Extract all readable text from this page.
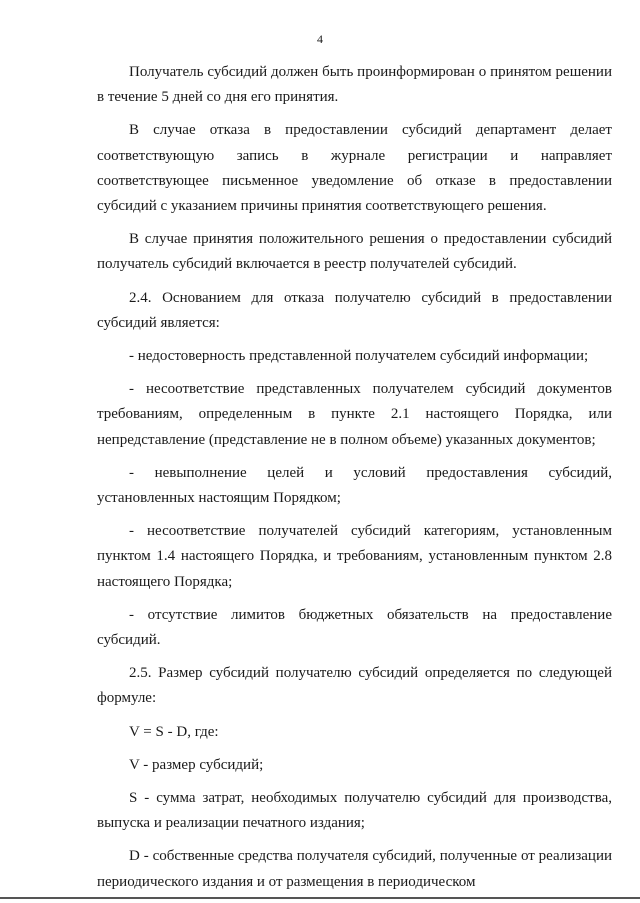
4

Получатель субсидий должен быть проинформирован о принятом решении в течение 5 дней со дня его принятия.

В случае отказа в предоставлении субсидий департамент делает соответствующую запись в журнале регистрации и направляет соответствующее письменное уведомление об отказе в предоставлении субсидий с указанием причины принятия соответствующего решения.

В случае принятия положительного решения о предоставлении субсидий получатель субсидий включается в реестр получателей субсидий.

2.4. Основанием для отказа получателю субсидий в предоставлении субсидий является:

- недостоверность представленной получателем субсидий информации;

- несоответствие представленных получателем субсидий документов требованиям, определенным в пункте 2.1 настоящего Порядка, или непредставление (представление не в полном объеме) указанных документов;

- невыполнение целей и условий предоставления субсидий, установленных настоящим Порядком;

- несоответствие получателей субсидий категориям, установленным пунктом 1.4 настоящего Порядка, и требованиям, установленным пунктом 2.8 настоящего Порядка;

- отсутствие лимитов бюджетных обязательств на предоставление субсидий.

2.5. Размер субсидий получателю субсидий определяется по следующей формуле:

V = S - D, где:

V - размер субсидий;

S - сумма затрат, необходимых получателю субсидий для производства, выпуска и реализации печатного издания;

D - собственные средства получателя субсидий, полученные от реализации периодического издания и от размещения в периодическом
